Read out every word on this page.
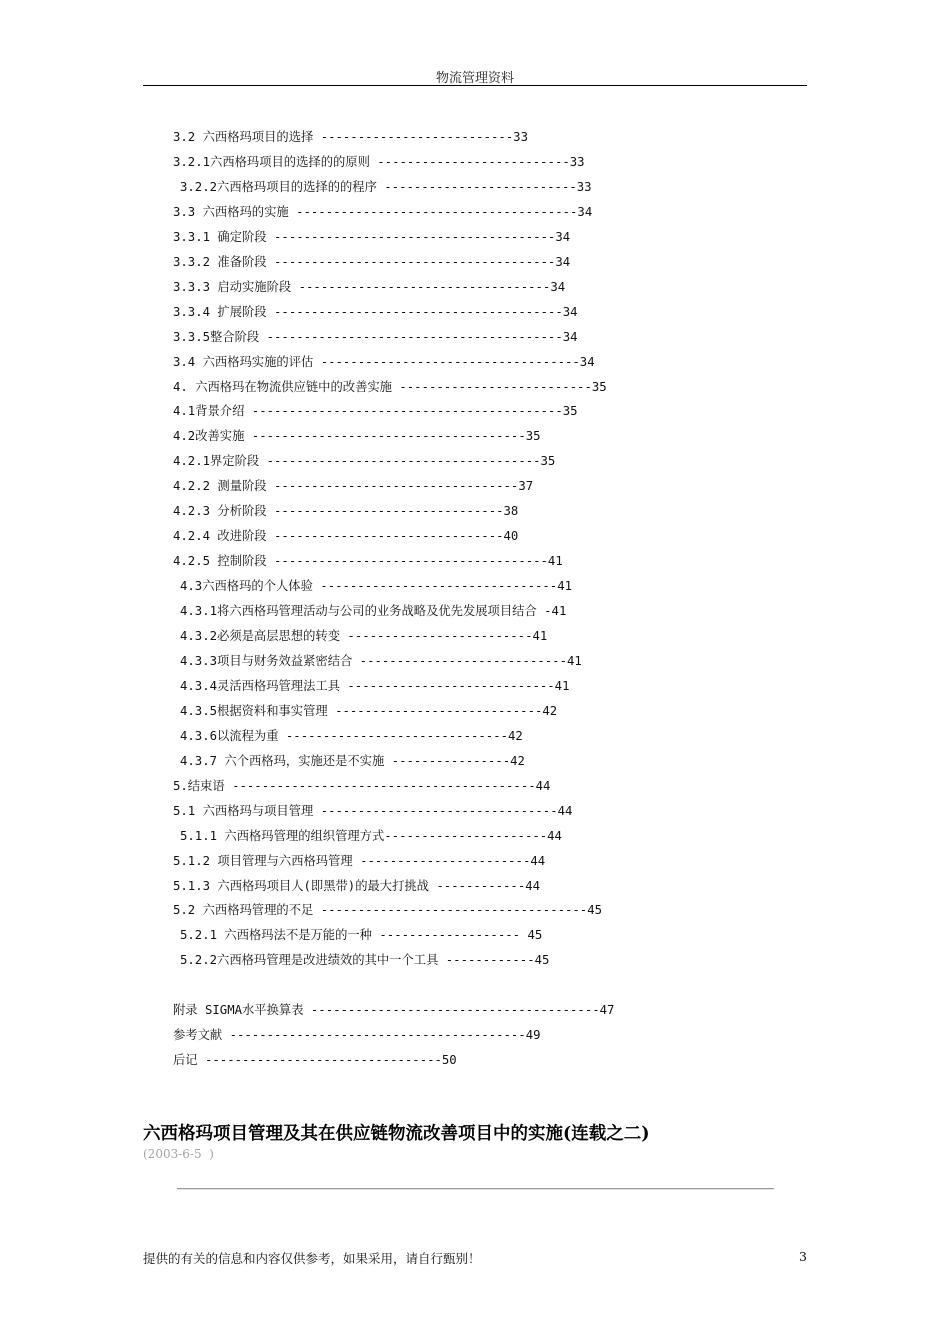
物流管理资料
3.2 六西格玛项目的选择 --------------------------33
3.2.1六西格玛项目的选择的的原则 --------------------------33
3.2.2六西格玛项目的选择的的程序 --------------------------33
3.3 六西格玛的实施 --------------------------------------34
3.3.1 确定阶段 --------------------------------------34
3.3.2 准备阶段 --------------------------------------34
3.3.3 启动实施阶段 ----------------------------------34
3.3.4 扩展阶段 ---------------------------------------34
3.3.5整合阶段 ----------------------------------------34
3.4 六西格玛实施的评估 -----------------------------------34
4. 六西格玛在物流供应链中的改善实施 --------------------------35
4.1背景介绍 ------------------------------------------35
4.2改善实施 -------------------------------------35
4.2.1界定阶段 -------------------------------------35
4.2.2 测量阶段 ---------------------------------37
4.2.3 分析阶段 -------------------------------38
4.2.4 改进阶段 -------------------------------40
4.2.5 控制阶段 -------------------------------------41
4.3六西格玛的个人体验 --------------------------------41
4.3.1将六西格玛管理活动与公司的业务战略及优先发展项目结合 -41
4.3.2必须是高层思想的转变 -------------------------41
4.3.3项目与财务效益紧密结合 ----------------------------41
4.3.4灵活西格玛管理法工具 ----------------------------41
4.3.5根据资料和事实管理 ----------------------------42
4.3.6以流程为重 ------------------------------42
4.3.7 六个西格玛，实施还是不实施 ----------------42
5.结束语 -----------------------------------------44
5.1 六西格玛与项目管理 --------------------------------44
5.1.1 六西格玛管理的组织管理方式----------------------44
5.1.2 项目管理与六西格玛管理 -----------------------44
5.1.3 六西格玛项目人(即黑带)的最大打挑战 ------------44
5.2 六西格玛管理的不足 ------------------------------------45
5.2.1 六西格玛法不是万能的一种 ------------------- 45
5.2.2六西格玛管理是改进绩效的其中一个工具 ------------45
附录 SIGMA水平换算表 ---------------------------------------47
参考文献 ----------------------------------------49
后记 --------------------------------50
六西格玛项目管理及其在供应链物流改善项目中的实施(连载之二)
(2003-6-5  )
提供的有关的信息和内容仅供参考，如果采用，请自行甄别！	3
